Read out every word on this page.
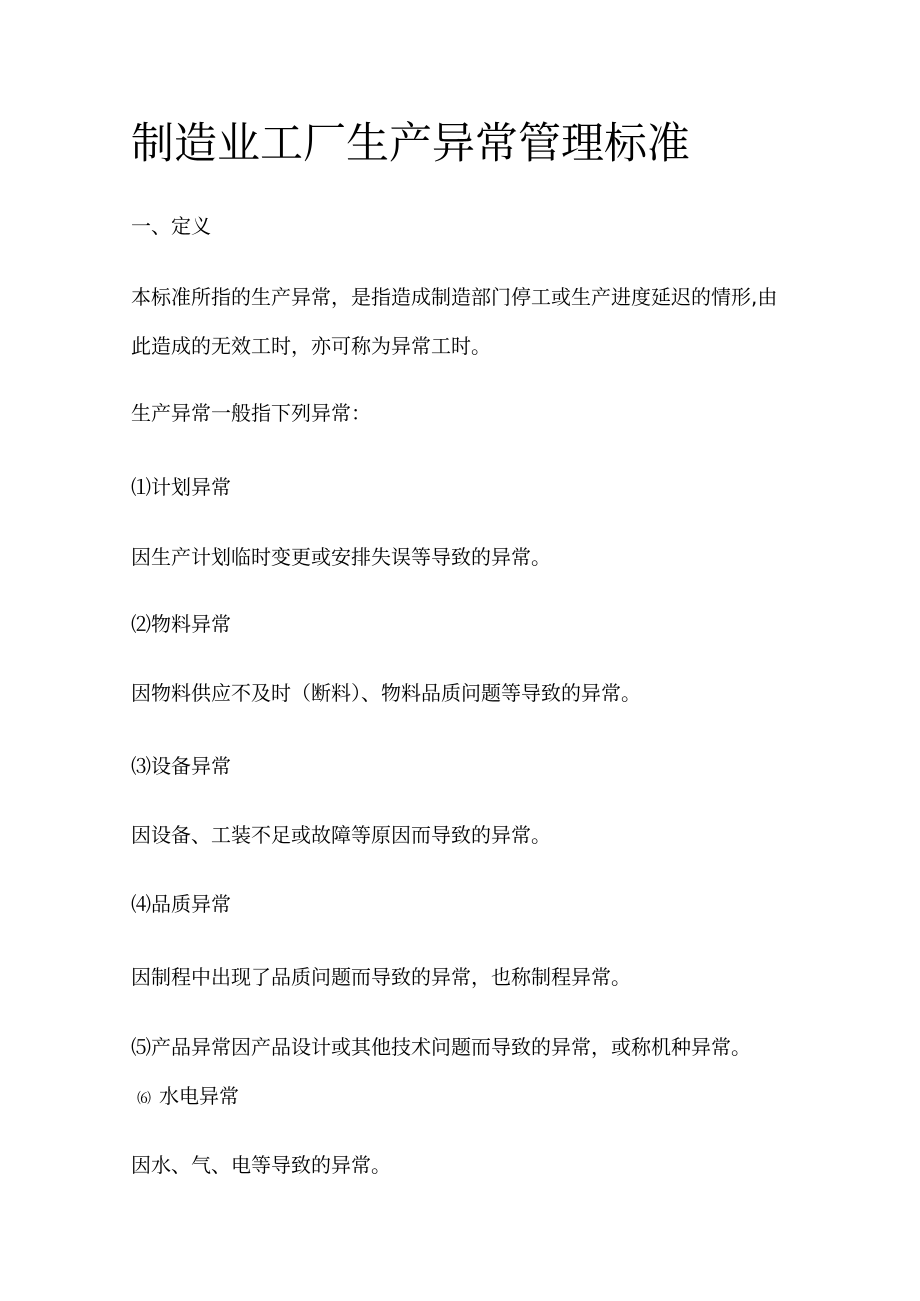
制造业工厂生产异常管理标准

一、定义

本标准所指的生产异常，是指造成制造部门停工或生产进度延迟的情形,由

此造成的无效工时，亦可称为异常工时。

生产异常一般指下列异常：

⑴计划异常

因生产计划临时变更或安排失误等导致的异常。

⑵物料异常

因物料供应不及时（断料）、物料品质问题等导致的异常。

⑶设备异常

因设备、工装不足或故障等原因而导致的异常。

⑷品质异常

因制程中出现了品质问题而导致的异常，也称制程异常。

⑸产品异常因产品设计或其他技术问题而导致的异常，或称机种异常。

⑹ 水电异常

因水、气、电等导致的异常。
